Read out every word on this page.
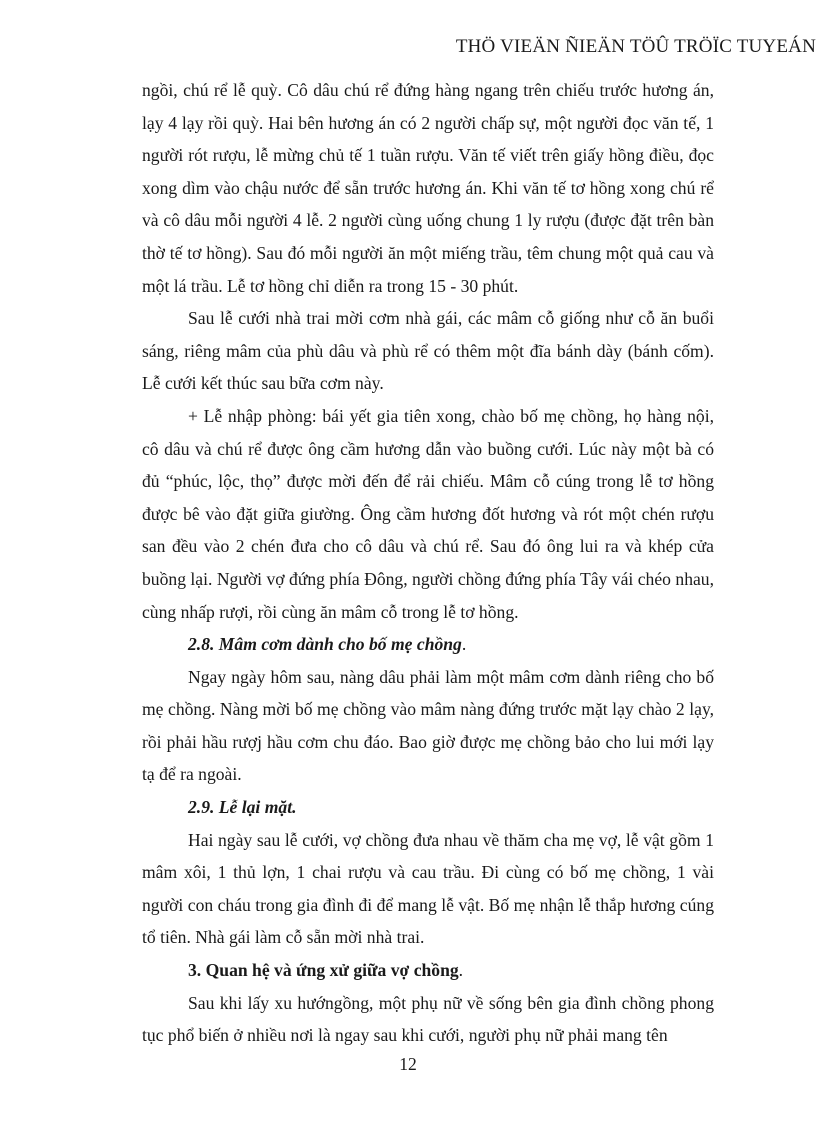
THÖ VIEÄN ÑIEÄN TÖÛ TRÖÏC TUYEÁN

ngồi, chú rể lễ quỳ. Cô dâu chú rể đứng hàng ngang trên chiếu trước hương án, lạy 4 lạy rồi quỳ. Hai bên hương án có 2 người chấp sự, một người đọc văn tế, 1 người rót rượu, lễ mừng chủ tế 1 tuần rượu. Văn tế viết trên giấy hồng điều, đọc xong dìm vào chậu nước để sẵn trước hương án. Khi văn tế tơ hồng xong chú rể và cô dâu mỗi người 4 lễ. 2 người cùng uống chung 1 ly rượu (được đặt trên bàn thờ tế tơ hồng). Sau đó mỗi người ăn một miếng trầu, têm chung một quả cau và một lá trầu. Lễ tơ hồng chỉ diễn ra trong 15 - 30 phút.

Sau lễ cưới nhà trai mời cơm nhà gái, các mâm cỗ giống như cỗ ăn buổi sáng, riêng mâm của phù dâu và phù rể có thêm một đĩa bánh dày (bánh cốm). Lễ cưới kết thúc sau bữa cơm này.

+ Lễ nhập phòng: bái yết gia tiên xong, chào bố mẹ chồng, họ hàng nội, cô dâu và chú rể được ông cầm hương dẫn vào buồng cưới. Lúc này một bà có đủ “phúc, lộc, thọ” được mời đến để rải chiếu. Mâm cỗ cúng trong lễ tơ hồng được bê vào đặt giữa giường. Ông cầm hương đốt hương và rót một chén rượu san đều vào 2 chén đưa cho cô dâu và chú rể. Sau đó ông lui ra và khép cửa buồng lại. Người vợ đứng phía Đông, người chồng đứng phía Tây vái chéo nhau, cùng nhấp rượi, rồi cùng ăn mâm cỗ trong lễ tơ hồng.

2.8. Mâm cơm dành cho bố mẹ chồng.

Ngay ngày hôm sau, nàng dâu phải làm một mâm cơm dành riêng cho bố mẹ chồng. Nàng mời bố mẹ chồng vào mâm nàng đứng trước mặt lạy chào 2 lạy, rồi phải hầu rượj hầu cơm chu đáo. Bao giờ được mẹ chồng bảo cho lui mới lạy tạ để ra ngoài.

2.9. Lễ lại mặt.

Hai ngày sau lễ cưới, vợ chồng đưa nhau về thăm cha mẹ vợ, lễ vật gồm 1 mâm xôi, 1 thủ lợn, 1 chai rượu và cau trầu. Đi cùng có bố mẹ chồng, 1 vài người con cháu trong gia đình đi để mang lễ vật. Bố mẹ nhận lễ thắp hương cúng tổ tiên. Nhà gái làm cỗ sẵn mời nhà trai.

3. Quan hệ và ứng xử giữa vợ chồng.

Sau khi lấy xu hướngồng, một phụ nữ về sống bên gia đình chồng phong tục phổ biến ở nhiều nơi là ngay sau khi cưới, người phụ nữ phải mang tên

12
